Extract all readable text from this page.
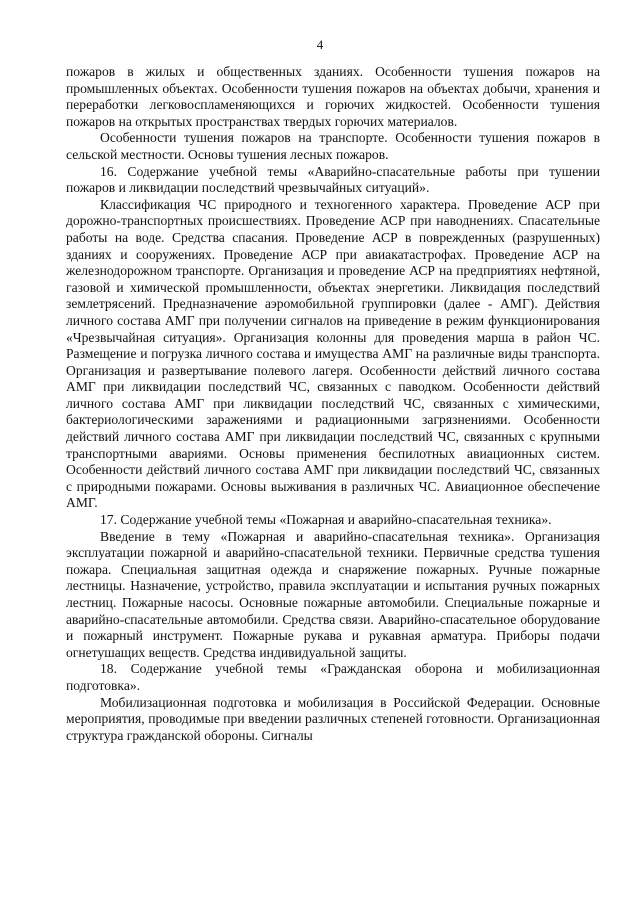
4

пожаров в жилых и общественных зданиях. Особенности тушения пожаров на промышленных объектах. Особенности тушения пожаров на объектах добычи, хранения и переработки легковоспламеняющихся и горючих жидкостей. Особенности тушения пожаров на открытых пространствах твердых горючих материалов.

Особенности тушения пожаров на транспорте. Особенности тушения пожаров в сельской местности. Основы тушения лесных пожаров.

16. Содержание учебной темы «Аварийно-спасательные работы при тушении пожаров и ликвидации последствий чрезвычайных ситуаций».

Классификация ЧС природного и техногенного характера. Проведение АСР при дорожно-транспортных происшествиях. Проведение АСР при наводнениях. Спасательные работы на воде. Средства спасания. Проведение АСР в поврежденных (разрушенных) зданиях и сооружениях. Проведение АСР при авиакатастрофах. Проведение АСР на железнодорожном транспорте. Организация и проведение АСР на предприятиях нефтяной, газовой и химической промышленности, объектах энергетики. Ликвидация последствий землетрясений. Предназначение аэромобильной группировки (далее - АМГ). Действия личного состава АМГ при получении сигналов на приведение в режим функционирования «Чрезвычайная ситуация». Организация колонны для проведения марша в район ЧС. Размещение и погрузка личного состава и имущества АМГ на различные виды транспорта. Организация и развертывание полевого лагеря. Особенности действий личного состава АМГ при ликвидации последствий ЧС, связанных с паводком. Особенности действий личного состава АМГ при ликвидации последствий ЧС, связанных с химическими, бактериологическими заражениями и радиационными загрязнениями. Особенности действий личного состава АМГ при ликвидации последствий ЧС, связанных с крупными транспортными авариями. Основы применения беспилотных авиационных систем. Особенности действий личного состава АМГ при ликвидации последствий ЧС, связанных с природными пожарами. Основы выживания в различных ЧС. Авиационное обеспечение АМГ.

17. Содержание учебной темы «Пожарная и аварийно-спасательная техника».

Введение в тему «Пожарная и аварийно-спасательная техника». Организация эксплуатации пожарной и аварийно-спасательной техники. Первичные средства тушения пожара. Специальная защитная одежда и снаряжение пожарных. Ручные пожарные лестницы. Назначение, устройство, правила эксплуатации и испытания ручных пожарных лестниц. Пожарные насосы. Основные пожарные автомобили. Специальные пожарные и аварийно-спасательные автомобили. Средства связи. Аварийно-спасательное оборудование и пожарный инструмент. Пожарные рукава и рукавная арматура. Приборы подачи огнетушащих веществ. Средства индивидуальной защиты.

18. Содержание учебной темы «Гражданская оборона и мобилизационная подготовка».

Мобилизационная подготовка и мобилизация в Российской Федерации. Основные мероприятия, проводимые при введении различных степеней готовности. Организационная структура гражданской обороны. Сигналы
